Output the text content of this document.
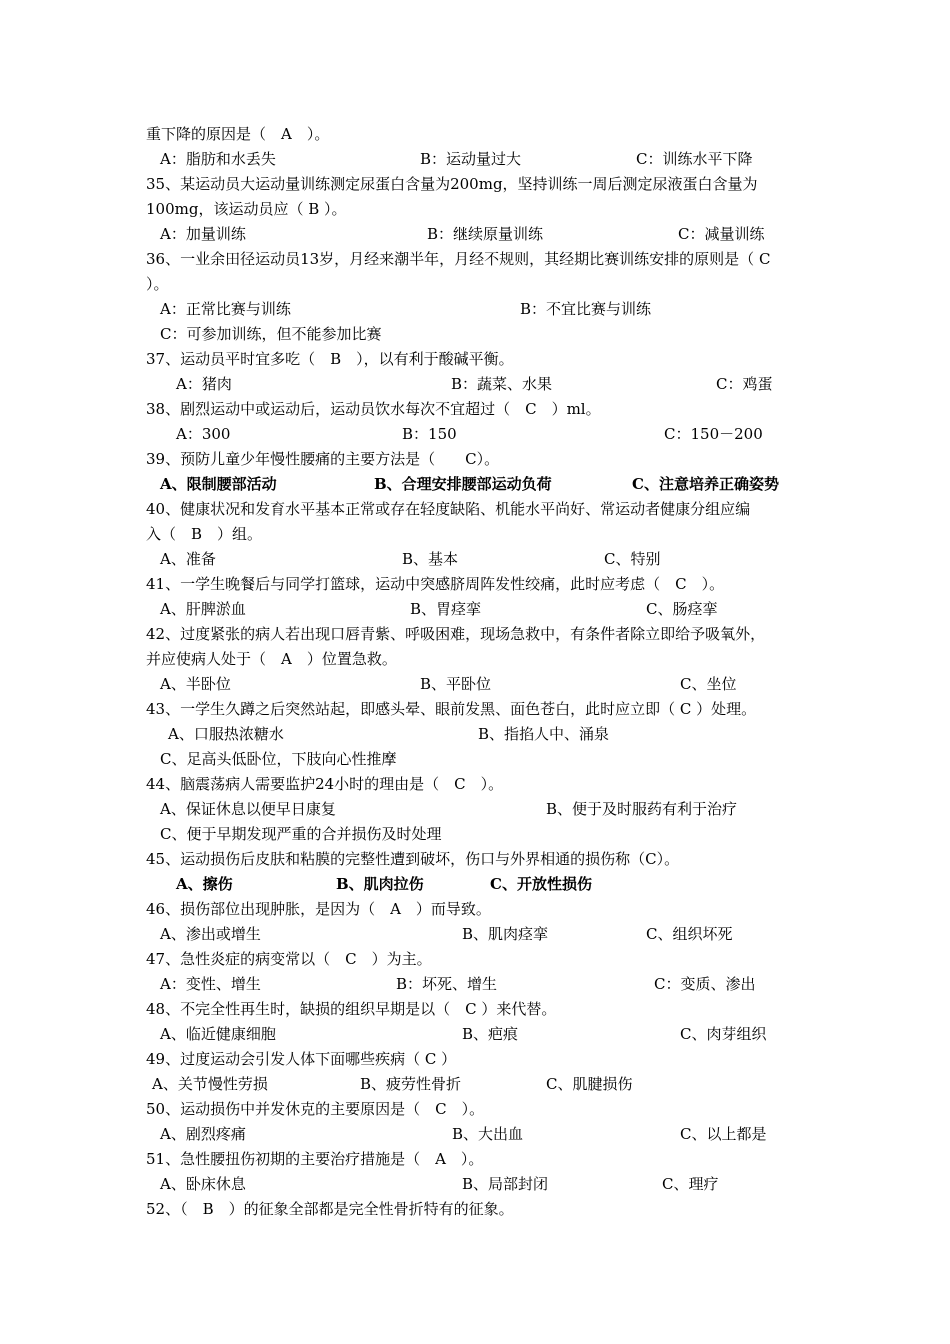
重下降的原因是（　A　）。
A：脂肪和水丢失	B：运动量过大	C：训练水平下降
35、某运动员大运动量训练测定尿蛋白含量为200mg，坚持训练一周后测定尿液蛋白含量为
100mg，该运动员应（ B ）。
A：加量训练	B：继续原量训练	C：减量训练
36、一业余田径运动员13岁，月经来潮半年，月经不规则，其经期比赛训练安排的原则是（ C
）。
A：正常比赛与训练	B：不宜比赛与训练
C：可参加训练，但不能参加比赛
37、运动员平时宜多吃（　B　），以有利于酸碱平衡。
A：猪肉	B：蔬菜、水果	C：鸡蛋
38、剧烈运动中或运动后，运动员饮水每次不宜超过（　C　）ml。
A：300	B：150	C：150－200
39、预防儿童少年慢性腰痛的主要方法是（　　C）。
A、限制腰部活动	B、合理安排腰部运动负荷	C、注意培养正确姿势
40、健康状况和发育水平基本正常或存在轻度缺陷、机能水平尚好、常运动者健康分组应编
入（　B　）组。
A、准备	B、基本	C、特别
41、一学生晚餐后与同学打篮球，运动中突感脐周阵发性绞痛，此时应考虑（　C　）。
A、肝脾淤血	B、胃痉挛	C、肠痉挛
42、过度紧张的病人若出现口唇青紫、呼吸困难，现场急救中，有条件者除立即给予吸氧外，
并应使病人处于（　A　）位置急救。
A、半卧位	B、平卧位	C、坐位
43、一学生久蹲之后突然站起，即感头晕、眼前发黑、面色苍白，此时应立即（ C ）处理。
A、口服热浓糖水	B、指掐人中、涌泉
C、足高头低卧位，下肢向心性推摩
44、脑震荡病人需要监护24小时的理由是（　C　）。
A、保证休息以便早日康复	B、便于及时服药有利于治疗
C、便于早期发现严重的合并损伤及时处理
45、运动损伤后皮肤和粘膜的完整性遭到破坏，伤口与外界相通的损伤称（C）。
A、擦伤	B、肌肉拉伤	C、开放性损伤
46、损伤部位出现肿胀，是因为（　A　）而导致。
A、渗出或增生	B、肌肉痉挛	C、组织坏死
47、急性炎症的病变常以（　C　）为主。
A：变性、增生	B：坏死、增生	C：变质、渗出
48、不完全性再生时，缺损的组织早期是以（　C ）来代替。
A、临近健康细胞	B、疤痕	C、肉芽组织
49、过度运动会引发人体下面哪些疾病（ C ）
A、关节慢性劳损	B、疲劳性骨折	C、肌腱损伤
50、运动损伤中并发休克的主要原因是（　C　）。
A、剧烈疼痛	B、大出血	C、以上都是
51、急性腰扭伤初期的主要治疗措施是（　A　）。
A、卧床休息	B、局部封闭	C、理疗
52、（　B　）的征象全部都是完全性骨折特有的征象。
